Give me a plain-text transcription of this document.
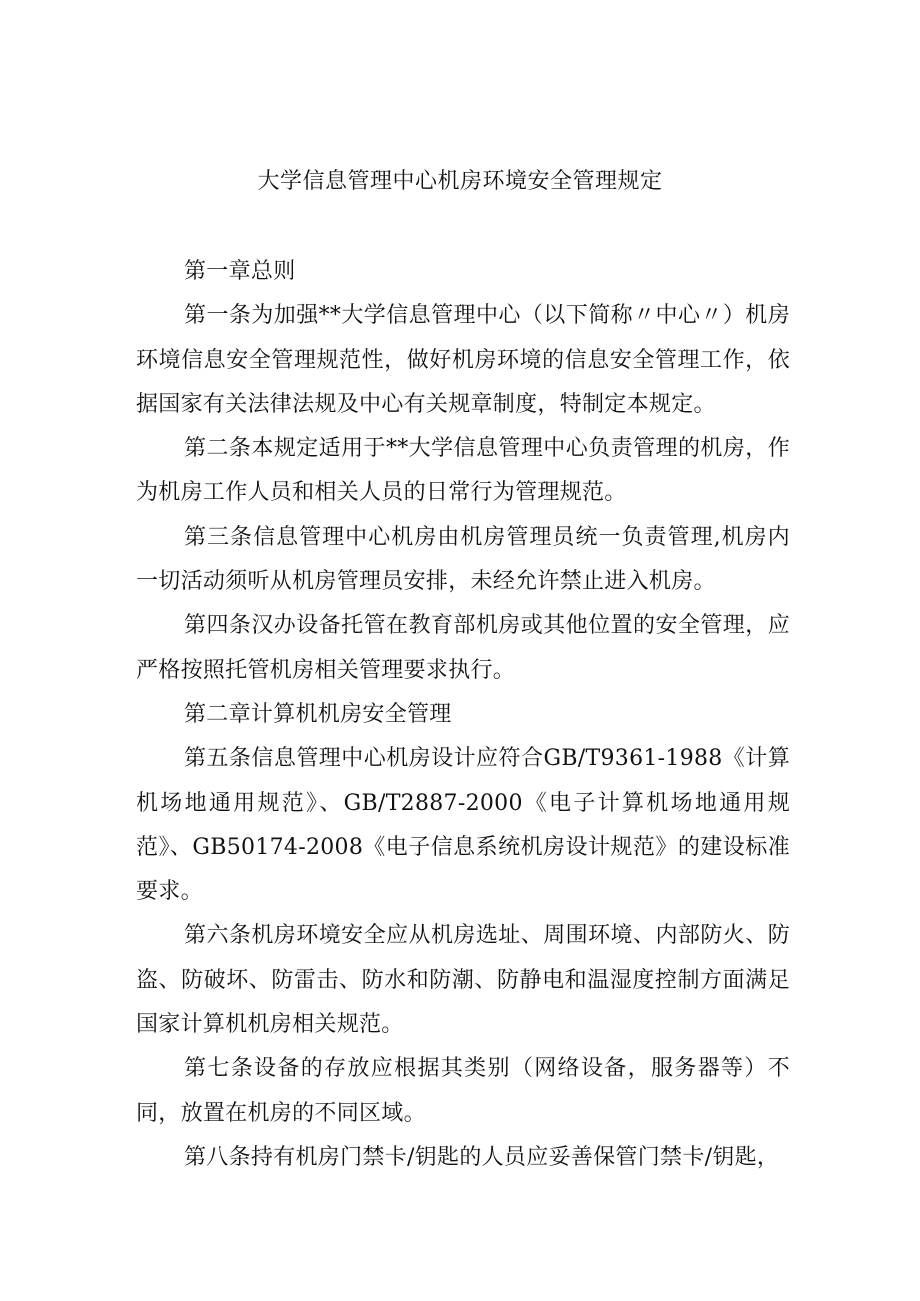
大学信息管理中心机房环境安全管理规定

第一章总则

第一条为加强**大学信息管理中心（以下简称〃中心〃）机房环境信息安全管理规范性，做好机房环境的信息安全管理工作，依据国家有关法律法规及中心有关规章制度，特制定本规定。

第二条本规定适用于**大学信息管理中心负责管理的机房，作为机房工作人员和相关人员的日常行为管理规范。

第三条信息管理中心机房由机房管理员统一负责管理,机房内一切活动须听从机房管理员安排，未经允许禁止进入机房。

第四条汉办设备托管在教育部机房或其他位置的安全管理，应严格按照托管机房相关管理要求执行。

第二章计算机机房安全管理

第五条信息管理中心机房设计应符合GB/T9361-1988《计算机场地通用规范》、GB/T2887-2000《电子计算机场地通用规范》、GB50174-2008《电子信息系统机房设计规范》的建设标准要求。

第六条机房环境安全应从机房选址、周围环境、内部防火、防盗、防破坏、防雷击、防水和防潮、防静电和温湿度控制方面满足国家计算机机房相关规范。

第七条设备的存放应根据其类别（网络设备，服务器等）不同，放置在机房的不同区域。

第八条持有机房门禁卡/钥匙的人员应妥善保管门禁卡/钥匙，
